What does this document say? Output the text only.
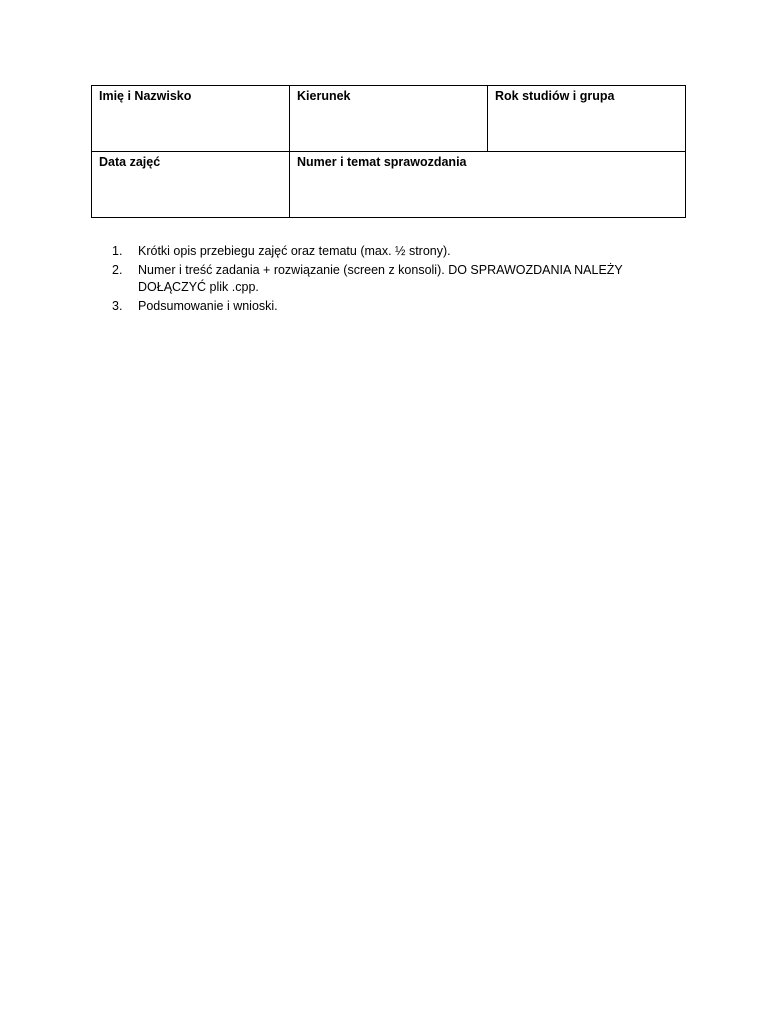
Imię i Nazwisko	Kierunek	Rok studiów i grupa
Data zajęć	Numer i temat sprawozdania	
1. Krótki opis przebiegu zajęć oraz tematu (max. ½ strony).
2. Numer i treść zadania + rozwiązanie (screen z konsoli). DO SPRAWOZDANIA NALEŻY DOŁĄCZYĆ plik .cpp.
3. Podsumowanie i wnioski.
